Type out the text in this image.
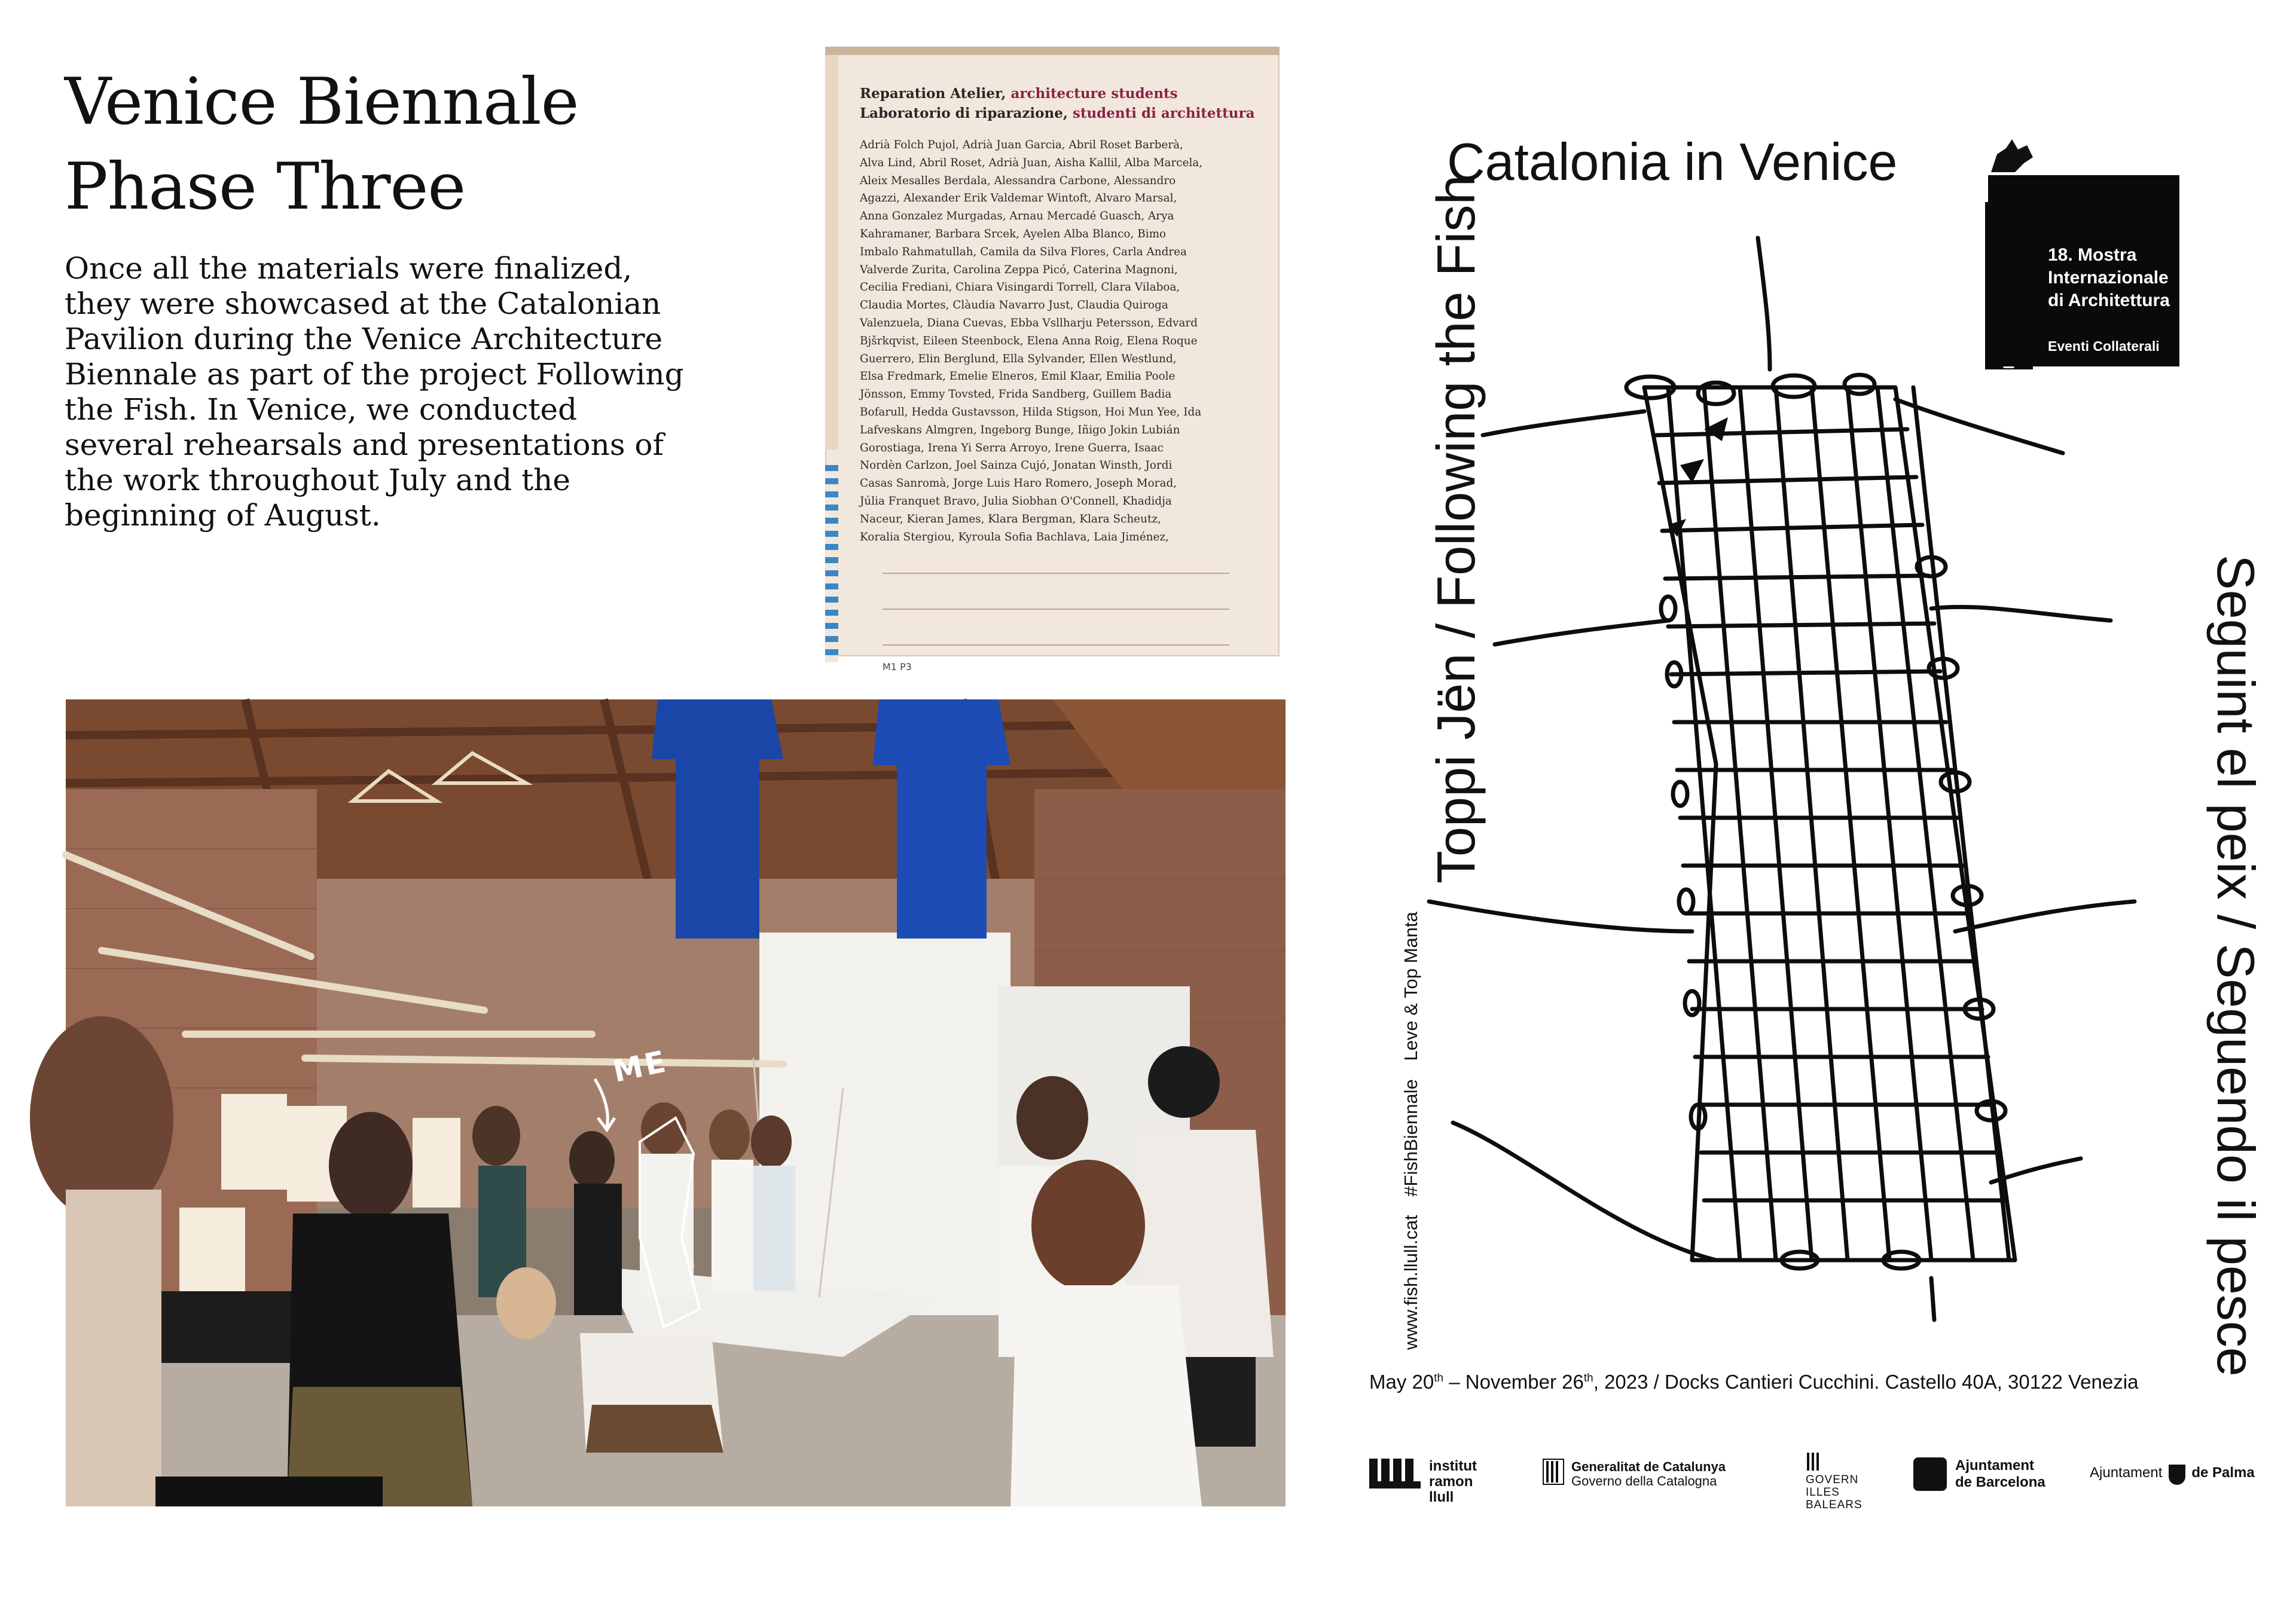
Venice Biennale
Phase Three

Once all the materials were finalized,
they were showcased at the Catalonian
Pavilion during the Venice Architecture
Biennale as part of the project Following
the Fish. In Venice, we conducted
several rehearsals and presentations of
the work throughout July and the
beginning of August.

Reparation Atelier, architecture students
Laboratorio di riparazione, studenti di architettura
Adrià Folch Pujol, Adrià Juan Garcia, Abril Roset Barberà,
Alva Lind, Abril Roset, Adrià Juan, Aisha Kallil, Alba Marcela,
Aleix Mesalles Berdala, Alessandra Carbone, Alessandro
Agazzi, Alexander Erik Valdemar Wintoft, Alvaro Marsal,
Anna Gonzalez Murgadas, Arnau Mercadé Guasch, Arya
Kahramaner, Barbara Srcek, Ayelen Alba Blanco, Bimo
Imbalo Rahmatullah, Camila da Silva Flores, Carla Andrea
Valverde Zurita, Carolina Zeppa Picó, Caterina Magnoni,
Cecilia Frediani, Chiara Visingardi Torrell, Clara Vilaboa,
Claudia Mortes, Clàudia Navarro Just, Claudia Quiroga
Valenzuela, Diana Cuevas, Ebba Vsllharju Petersson, Edvard
Bjšrkqvist, Eileen Steenbock, Elena Anna Roig, Elena Roque
Guerrero, Elin Berglund, Ella Sylvander, Ellen Westlund,
Elsa Fredmark, Emelie Elneros, Emil Klaar, Emilia Poole
Jönsson, Emmy Tovsted, Frida Sandberg, Guillem Badia
Bofarull, Hedda Gustavsson, Hilda Stigson, Hoi Mun Yee, Ida
Lafveskans Almgren, Ingeborg Bunge, Iñigo Jokin Lubián
Gorostiaga, Irena Yi Serra Arroyo, Irene Guerra, Isaac
Nordèn Carlzon, Joel Sainza Cujó, Jonatan Winsth, Jordi
Casas Sanromà, Jorge Luis Haro Romero, Joseph Morad,
Júlia Franquet Bravo, Julia Siobhan O'Connell, Khadidja
Naceur, Kieran James, Klara Bergman, Klara Scheutz,
Koralia Stergiou, Kyroula Sofia Bachlava, Laia Jiménez,
M1 P3
ME
Catalonia in Venice
18. Mostra
Internazionale
di Architettura
Eventi Collaterali
Toppi Jën / Following the Fish
Seguint el peix / Seguendo il pesce
www.fish.llull.cat #FishBiennale Leve & Top Manta
May 20th – November 26th, 2023 / Docks Cantieri Cucchini. Castello 40A, 30122 Venezia
institut
ramon llull
Generalitat de Catalunya
Governo della Catalogna	GOVERN
ILLES
BALEARS
Ajuntament
de Barcelona
Ajuntament de Palma
